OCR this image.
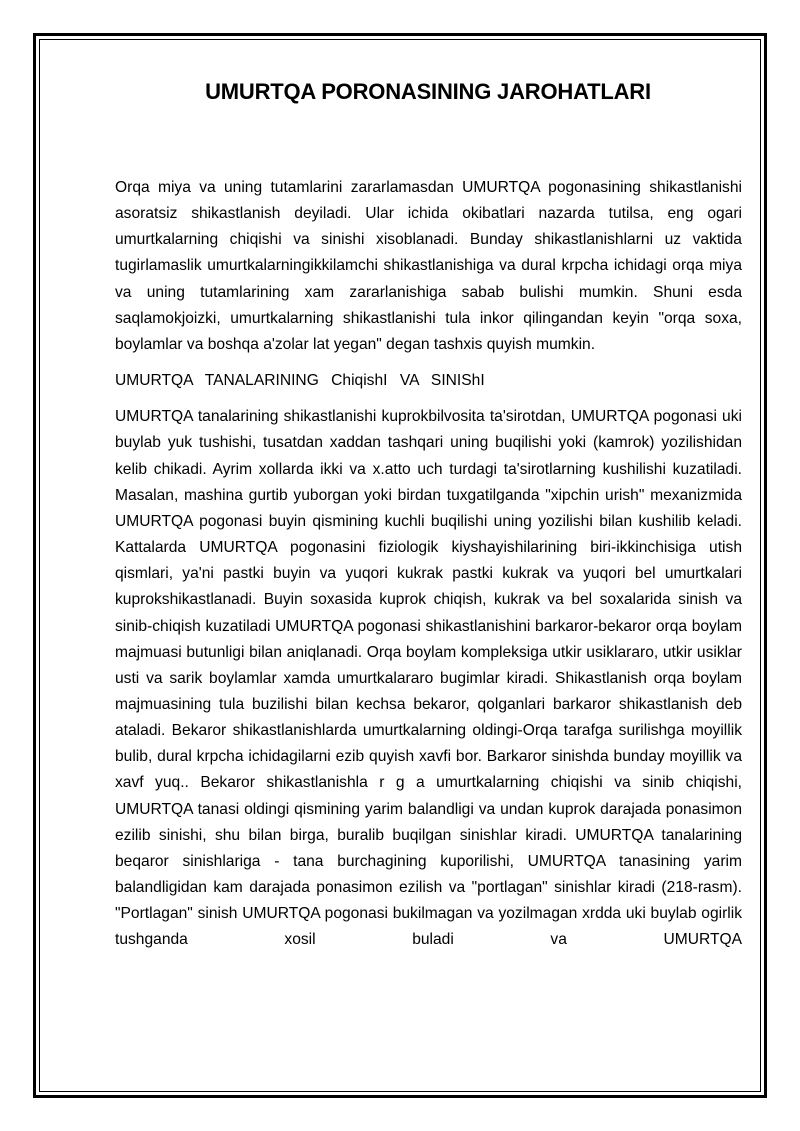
UMURTQA PORONASINING JAROHATLARI

Orqa miya va uning tutamlarini zararlamasdan UMURTQA pogonasining shikastlanishi asoratsiz shikastlanish deyiladi. Ular ichida okibatlari nazarda tutilsa, eng ogari umurtkalarning chiqishi va sinishi xisoblanadi. Bunday shikastlanishlarni uz vaktida tugirlamaslik umurtkalarningikkilamchi shikastlanishiga va dural krpcha ichidagi orqa miya va uning tutamlarining xam zararlanishiga sabab bulishi mumkin. Shuni esda saqlamokjoizki, umurtkalarning shikastlanishi tula inkor qilingandan keyin "orqa soxa, boylamlar va boshqa a'zolar lat yegan" degan tashxis quyish mumkin.

UMURTQA TANALARINING ChiqishI VA SINIShI

UMURTQA tanalarining shikastlanishi kuprokbilvosita ta'sirotdan, UMURTQA pogonasi uki buylab yuk tushishi, tusatdan xaddan tashqari uning buqilishi yoki (kamrok) yozilishidan kelib chikadi. Ayrim xollarda ikki va x.atto uch turdagi ta'sirotlarning kushilishi kuzatiladi. Masalan, mashina gurtib yuborgan yoki birdan tuxgatilganda "xipchin urish" mexanizmida UMURTQA pogonasi buyin qismining kuchli buqilishi uning yozilishi bilan kushilib keladi. Kattalarda UMURTQA pogonasini fiziologik kiyshayishilarining biri-ikkinchisiga utish qismlari, ya'ni pastki buyin va yuqori kukrak pastki kukrak va yuqori bel umurtkalari kuprokshikastlanadi. Buyin soxasida kuprok chiqish, kukrak va bel soxalarida sinish va sinib-chiqish kuzatiladi UMURTQA pogonasi shikastlanishini barkaror-bekaror orqa boylam majmuasi butunligi bilan aniqlanadi. Orqa boylam kompleksiga utkir usiklararo, utkir usiklar usti va sarik boylamlar xamda umurtkalararo bugimlar kiradi. Shikastlanish orqa boylam majmuasining tula buzilishi bilan kechsa bekaror, qolganlari barkaror shikastlanish deb ataladi. Bekaror shikastlanishlarda umurtkalarning oldingi-Orqa tarafga surilishga moyillik bulib, dural krpcha ichidagilarni ezib quyish xavfi bor. Barkaror sinishda bunday moyillik va xavf yuq.. Bekaror shikastlanishla r g a umurtkalarning chiqishi va sinib chiqishi, UMURTQA tanasi oldingi qismining yarim balandligi va undan kuprok darajada ponasimon ezilib sinishi, shu bilan birga, buralib buqilgan sinishlar kiradi. UMURTQA tanalarining beqaror sinishlariga - tana burchagining kuporilishi, UMURTQA tanasining yarim balandligidan kam darajada ponasimon ezilish va "portlagan" sinishlar kiradi (218-rasm). "Portlagan" sinish UMURTQA pogonasi bukilmagan va yozilmagan xrdda uki buylab ogirlik tushganda xosil buladi va UMURTQA
